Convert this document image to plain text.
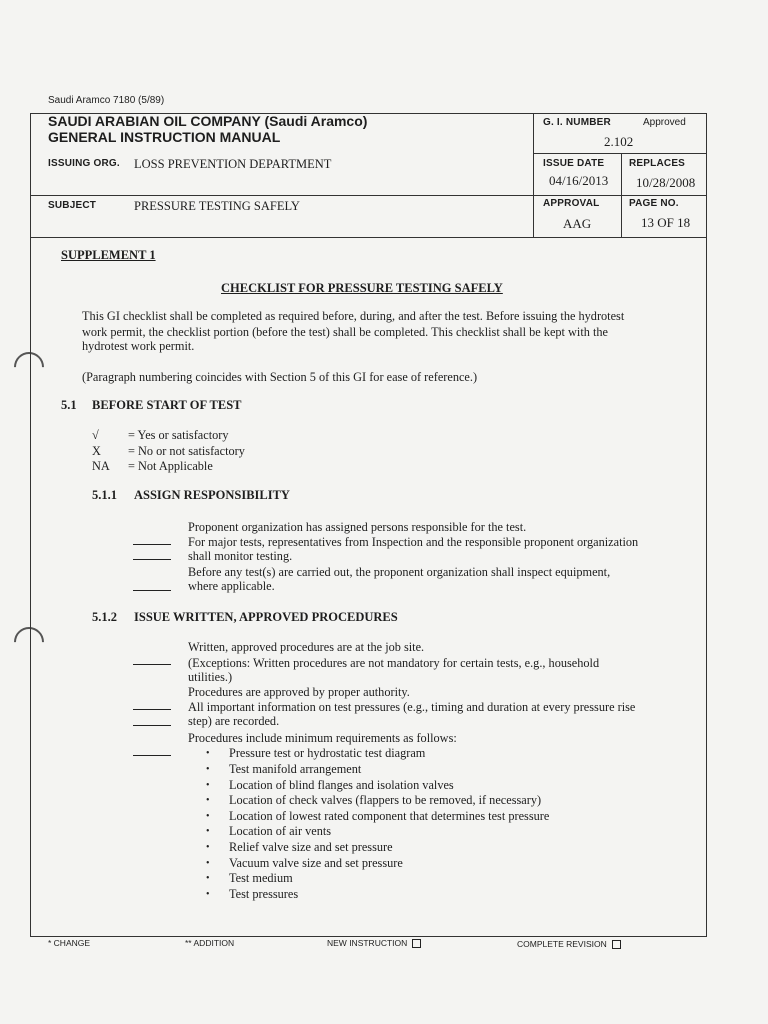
Saudi Aramco 7180 (5/89)
SAUDI ARABIAN OIL COMPANY (Saudi Aramco)
GENERAL INSTRUCTION MANUAL
G. I. NUMBER	Approved
2.102
ISSUING ORG. LOSS PREVENTION DEPARTMENT	ISSUE DATE
04/16/2013
REPLACES
10/28/2008
SUBJECT	PRESSURE TESTING SAFELY	APPROVAL
AAG
PAGE NO.
13 OF 18
SUPPLEMENT 1
CHECKLIST FOR PRESSURE TESTING SAFELY
This GI checklist shall be completed as required before, during, and after the test. Before issuing the hydrotest
work permit, the checklist portion (before the test) shall be completed. This checklist shall be kept with the
hydrotest work permit.
(Paragraph numbering coincides with Section 5 of this GI for ease of reference.)
5.1 BEFORE START OF TEST
√ = Yes or satisfactory
X = No or not satisfactory
NA = Not Applicable
5.1.1 ASSIGN RESPONSIBILITY
Proponent organization has assigned persons responsible for the test.
For major tests, representatives from Inspection and the responsible proponent organization
shall monitor testing.
Before any test(s) are carried out, the proponent organization shall inspect equipment,
where applicable.
5.1.2 ISSUE WRITTEN, APPROVED PROCEDURES
Written, approved procedures are at the job site.
(Exceptions: Written procedures are not mandatory for certain tests, e.g., household
utilities.)
Procedures are approved by proper authority.
All important information on test pressures (e.g., timing and duration at every pressure rise
step) are recorded.
Procedures include minimum requirements as follows:
• Pressure test or hydrostatic test diagram
• Test manifold arrangement
• Location of blind flanges and isolation valves
• Location of check valves (flappers to be removed, if necessary)
• Location of lowest rated component that determines test pressure
• Location of air vents
• Relief valve size and set pressure
• Vacuum valve size and set pressure
• Test medium
• Test pressures
* CHANGE	** ADDITION	NEW INSTRUCTION	COMPLETE REVISION
